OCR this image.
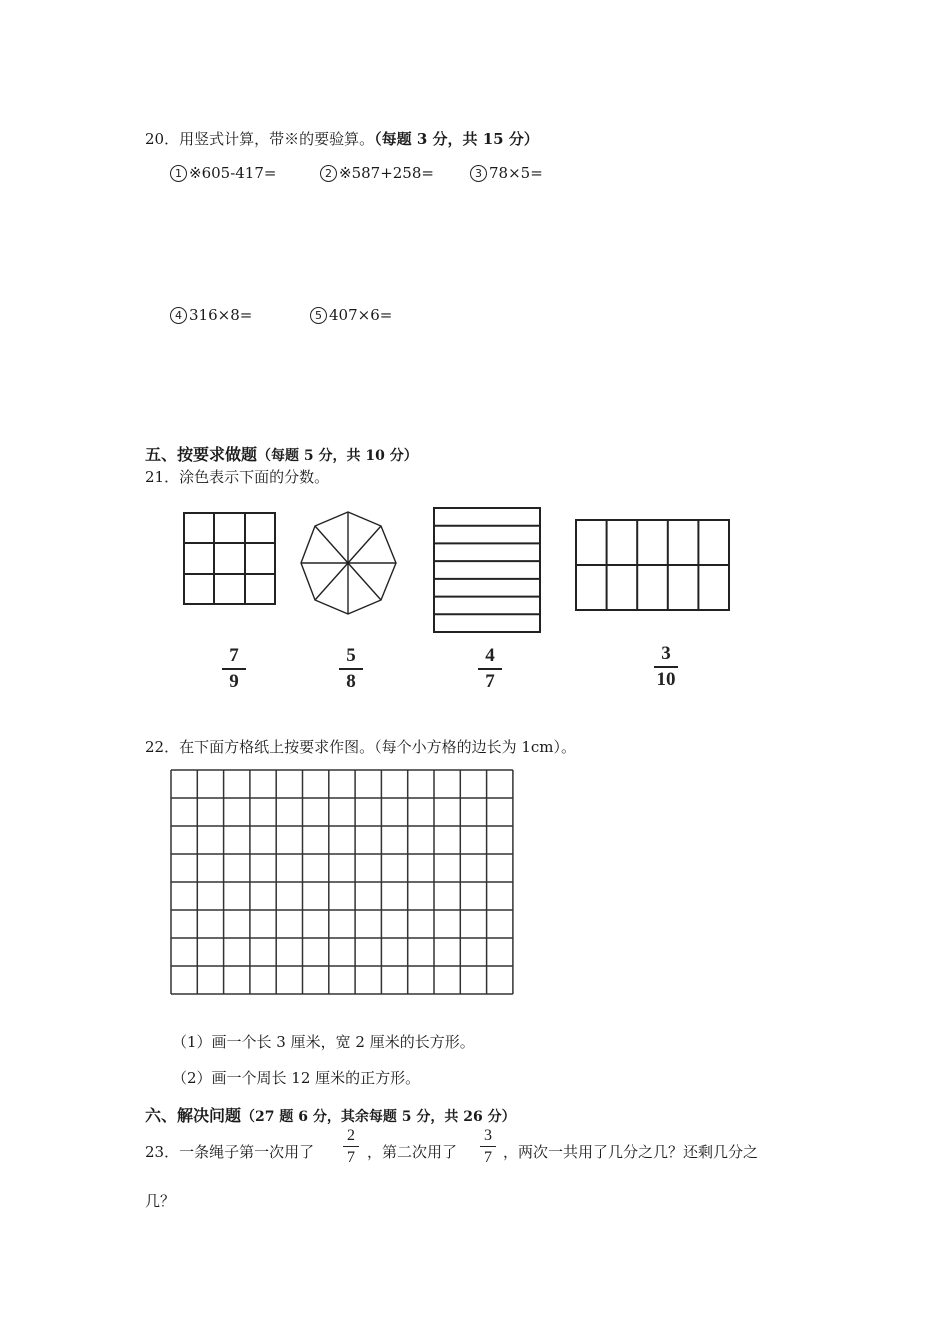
20．用竖式计算，带※的要验算。（每题 3 分，共 15 分）
1 ※605-417=	2 ※587+258=	3 78×5=
4 316×8=	5 407×6=
五、按要求做题（每题 5 分，共 10 分）
21．涂色表示下面的分数。
7
9
5
8
4
7
3
10
22．在下面方格纸上按要求作图。（每个小方格的边长为 1cm）。
（1）画一个长 3 厘米，宽 2 厘米的长方形。
（2）画一个周长 12 厘米的正方形。
六、解决问题（27 题 6 分，其余每题 5 分，共 26 分）
23．一条绳子第一次用了
2
7 ，第二次用了
3
7 ，两次一共用了几分之几？还剩几分之
几？
